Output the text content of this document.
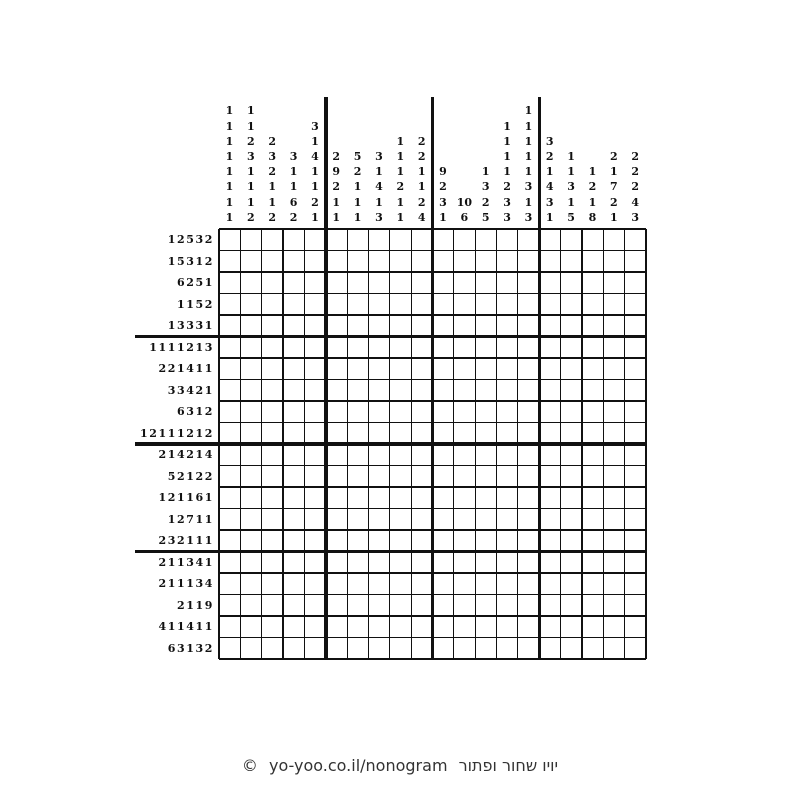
1
1
1
1
1
1
1
1
1
1
2
3
1
1
1
2
2
3
2
1
1
2
3
1
1
6
2
3
1
4
1
1
2
1
2
9
2
1
1
5
2
1
1
1
3
1
4
1
3
1
1
1
2
1
1
2
2
1
1
2
4
9
2
3
1
10
6
1
3
2
5
1
1
1
1
2
3
3
1
1
1
1
1
3
1
3
3
2
1
4
3
1
1
1
3
1
5
1
2
1
8
2
1
7
2
1
2
2
2
4
3
12532
15312
6251
1152
13331
1111213
221411
33421
6312
12111212
214214
52122
121161
12711
232111
211341
211134
2119
411411
63132
© yo-yoo.co.il/nonogram יויו שחור ופתור
